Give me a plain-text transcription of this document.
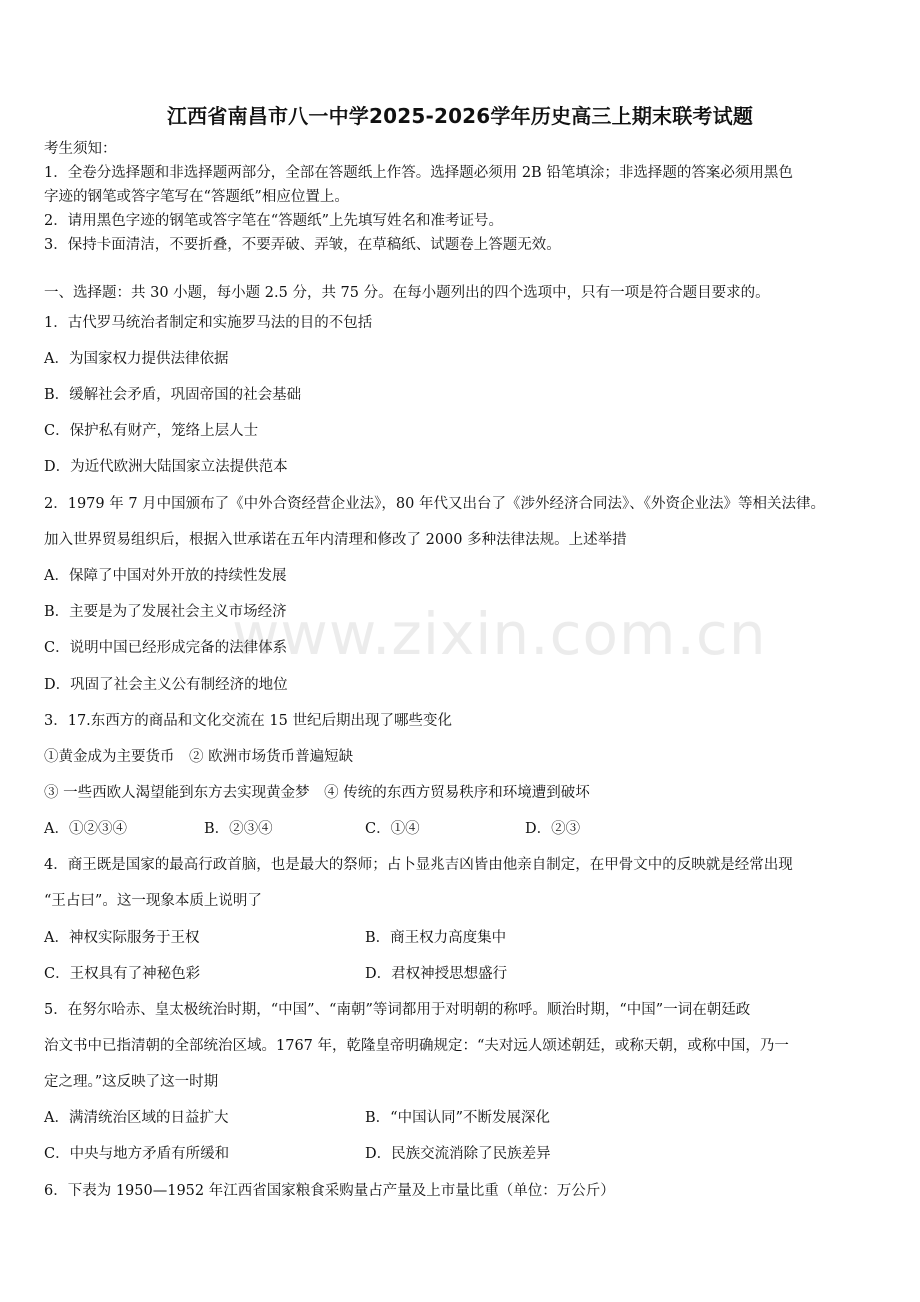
江西省南昌市八一中学2025-2026学年历史高三上期末联考试题
考生须知：
1．全卷分选择题和非选择题两部分，全部在答题纸上作答。选择题必须用 2B 铅笔填涂；非选择题的答案必须用黑色
字迹的钢笔或答字笔写在“答题纸”相应位置上。
2．请用黑色字迹的钢笔或答字笔在“答题纸”上先填写姓名和准考证号。
3．保持卡面清洁，不要折叠，不要弄破、弄皱，在草稿纸、试题卷上答题无效。
一、选择题：共 30 小题，每小题 2.5 分，共 75 分。在每小题列出的四个选项中，只有一项是符合题目要求的。
1．古代罗马统治者制定和实施罗马法的目的不包括
A．为国家权力提供法律依据
B．缓解社会矛盾，巩固帝国的社会基础
C．保护私有财产，笼络上层人士
D．为近代欧洲大陆国家立法提供范本
2．1979 年 7 月中国颁布了《中外合资经营企业法》，80 年代又出台了《涉外经济合同法》、《外资企业法》等相关法律。
加入世界贸易组织后，根据入世承诺在五年内清理和修改了 2000 多种法律法规。上述举措
A．保障了中国对外开放的持续性发展
B．主要是为了发展社会主义市场经济
C．说明中国已经形成完备的法律体系
D．巩固了社会主义公有制经济的地位
3．17.东西方的商品和文化交流在 15 世纪后期出现了哪些变化
①黄金成为主要货币　② 欧洲市场货币普遍短缺
③ 一些西欧人渴望能到东方去实现黄金梦　④ 传统的东西方贸易秩序和环境遭到破坏
A．①②③④	B．②③④	C．①④	D．②③
4．商王既是国家的最高行政首脑，也是最大的祭师；占卜显兆吉凶皆由他亲自制定，在甲骨文中的反映就是经常出现
“王占曰”。这一现象本质上说明了
A．神权实际服务于王权	B．商王权力高度集中
C．王权具有了神秘色彩	D．君权神授思想盛行
5．在努尔哈赤、皇太极统治时期，“中国”、“南朝”等词都用于对明朝的称呼。顺治时期，“中国”一词在朝廷政
治文书中已指清朝的全部统治区域。1767 年，乾隆皇帝明确规定：“夫对远人颂述朝廷，或称天朝，或称中国，乃一
定之理。”这反映了这一时期
A．满清统治区域的日益扩大	B．“中国认同”不断发展深化
C．中央与地方矛盾有所缓和	D．民族交流消除了民族差异
6．下表为 1950—1952 年江西省国家粮食采购量占产量及上市量比重（单位：万公斤）
www.zixin.com.cn
